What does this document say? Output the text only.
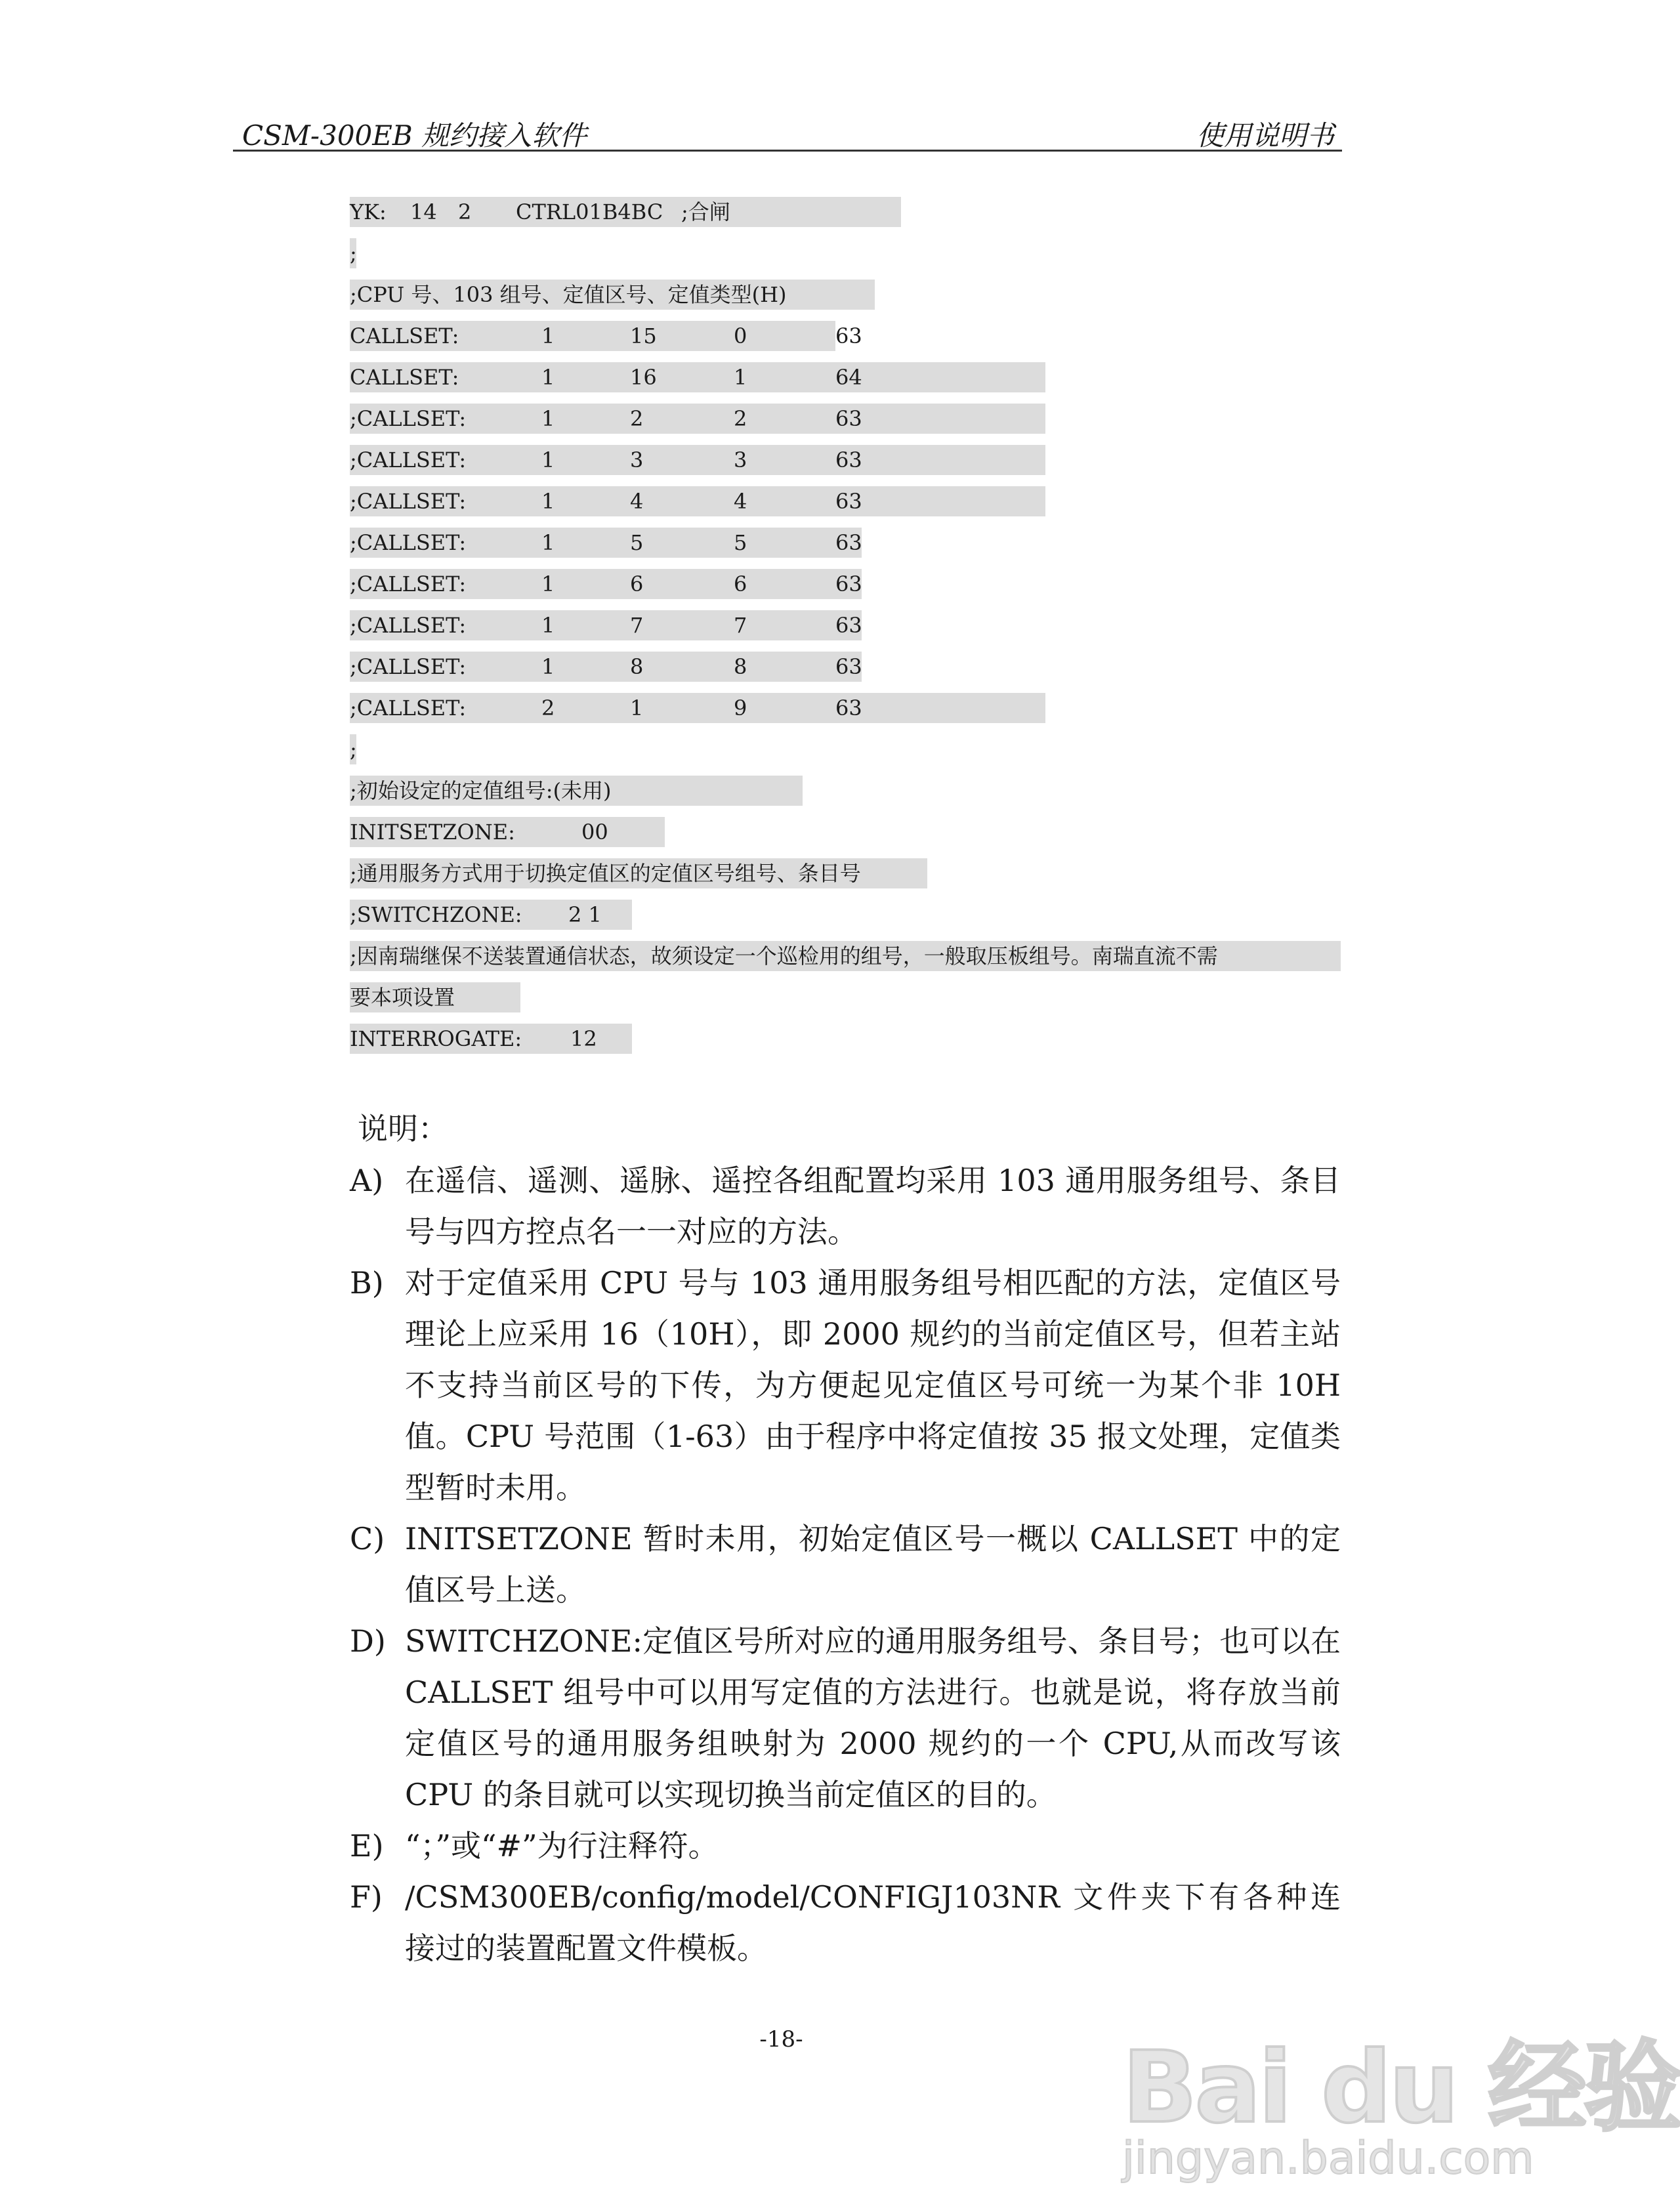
CSM-300EB 规约接入软件	使用说明书
YK: 14 2 CTRL01B4BC ;合闸
;
;CPU 号、103 组号、定值区号、定值类型(H)
CALLSET:	1	15	0	63
CALLSET:	1	16	1	64
;CALLSET:	1	2	2	63
;CALLSET:	1	3	3	63
;CALLSET:	1	4	4	63
;CALLSET:	1	5	5	63
;CALLSET:	1	6	6	63
;CALLSET:	1	7	7	63
;CALLSET:	1	8	8	63
;CALLSET:	2	1	9	63
;
;初始设定的定值组号:(未用)
INITSETZONE:	00
;通用服务方式用于切换定值区的定值区号组号、条目号
;SWITCHZONE: 2 1
;因南瑞继保不送装置通信状态，故须设定一个巡检用的组号，一般取压板组号。南瑞直流不需
要本项设置
INTERROGATE: 12
说明：
A) 在遥信、遥测、遥脉、遥控各组配置均采用 103 通用服务组号、条目号与四方控点名一一对应的方法。
B) 对于定值采用 CPU 号与 103 通用服务组号相匹配的方法，定值区号理论上应采用 16（10H），即 2000 规约的当前定值区号，但若主站不支持当前区号的下传，为方便起见定值区号可统一为某个非 10H 值。CPU 号范围（1-63）由于程序中将定值按 35 报文处理，定值类型暂时未用。
C) INITSETZONE 暂时未用，初始定值区号一概以 CALLSET 中的定值区号上送。
D) SWITCHZONE:定值区号所对应的通用服务组号、条目号；也可以在 CALLSET 组号中可以用写定值的方法进行。也就是说，将存放当前定值区号的通用服务组映射为 2000 规约的一个 CPU,从而改写该 CPU 的条目就可以实现切换当前定值区的目的。
E) “；”或“#”为行注释符。
F) /CSM300EB/config/model/CONFIGJ103NR 文件夹下有各种连接过的装置配置文件模板。
-18-	Bai du 经验
jingyan.baidu.com
